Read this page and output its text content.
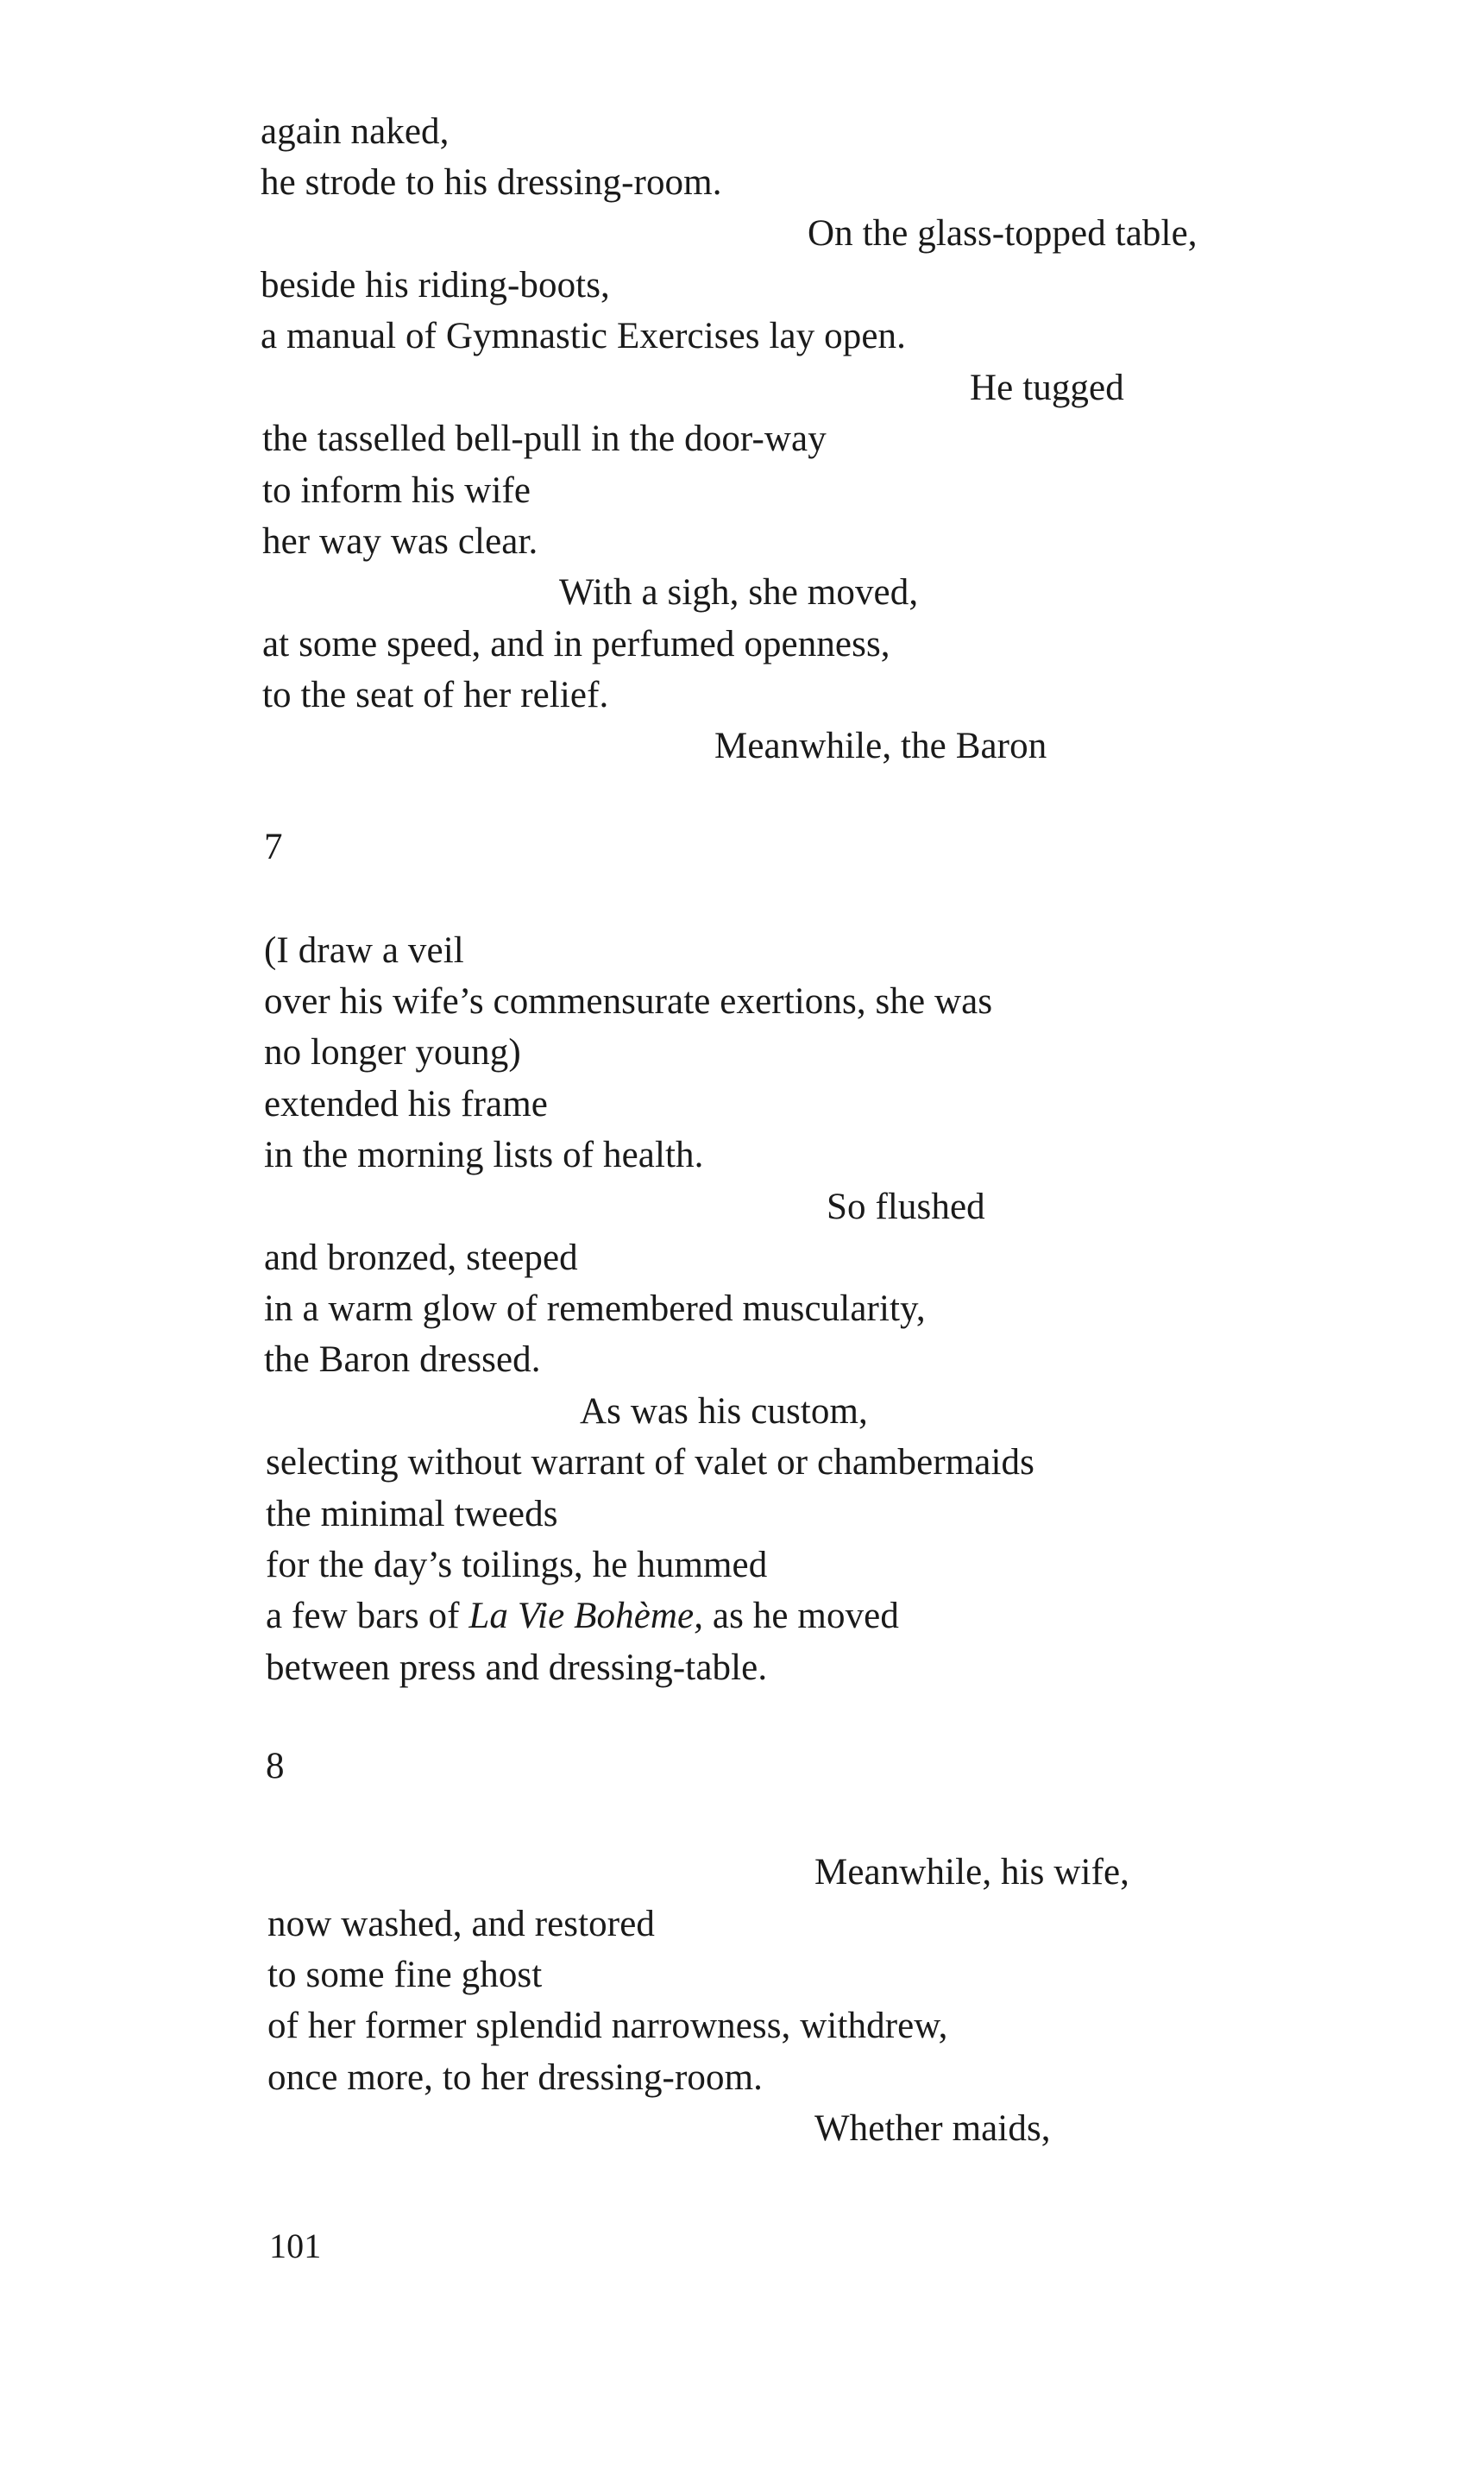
again naked,
he strode to his dressing-room.
On the glass-topped table,
beside his riding-boots,
a manual of Gymnastic Exercises lay open.
He tugged
the tasselled bell-pull in the door-way
to inform his wife
her way was clear.
With a sigh, she moved,
at some speed, and in perfumed openness,
to the seat of her relief.
Meanwhile, the Baron
7
(I draw a veil
over his wife’s commensurate exertions, she was
no longer young)
extended his frame
in the morning lists of health.
So flushed
and bronzed, steeped
in a warm glow of remembered muscularity,
the Baron dressed.
As was his custom,
selecting without warrant of valet or chambermaids
the minimal tweeds
for the day’s toilings, he hummed
a few bars of La Vie Bohème, as he moved
between press and dressing-table.
8
Meanwhile, his wife,
now washed, and restored
to some fine ghost
of her former splendid narrowness, withdrew,
once more, to her dressing-room.
Whether maids,
101
